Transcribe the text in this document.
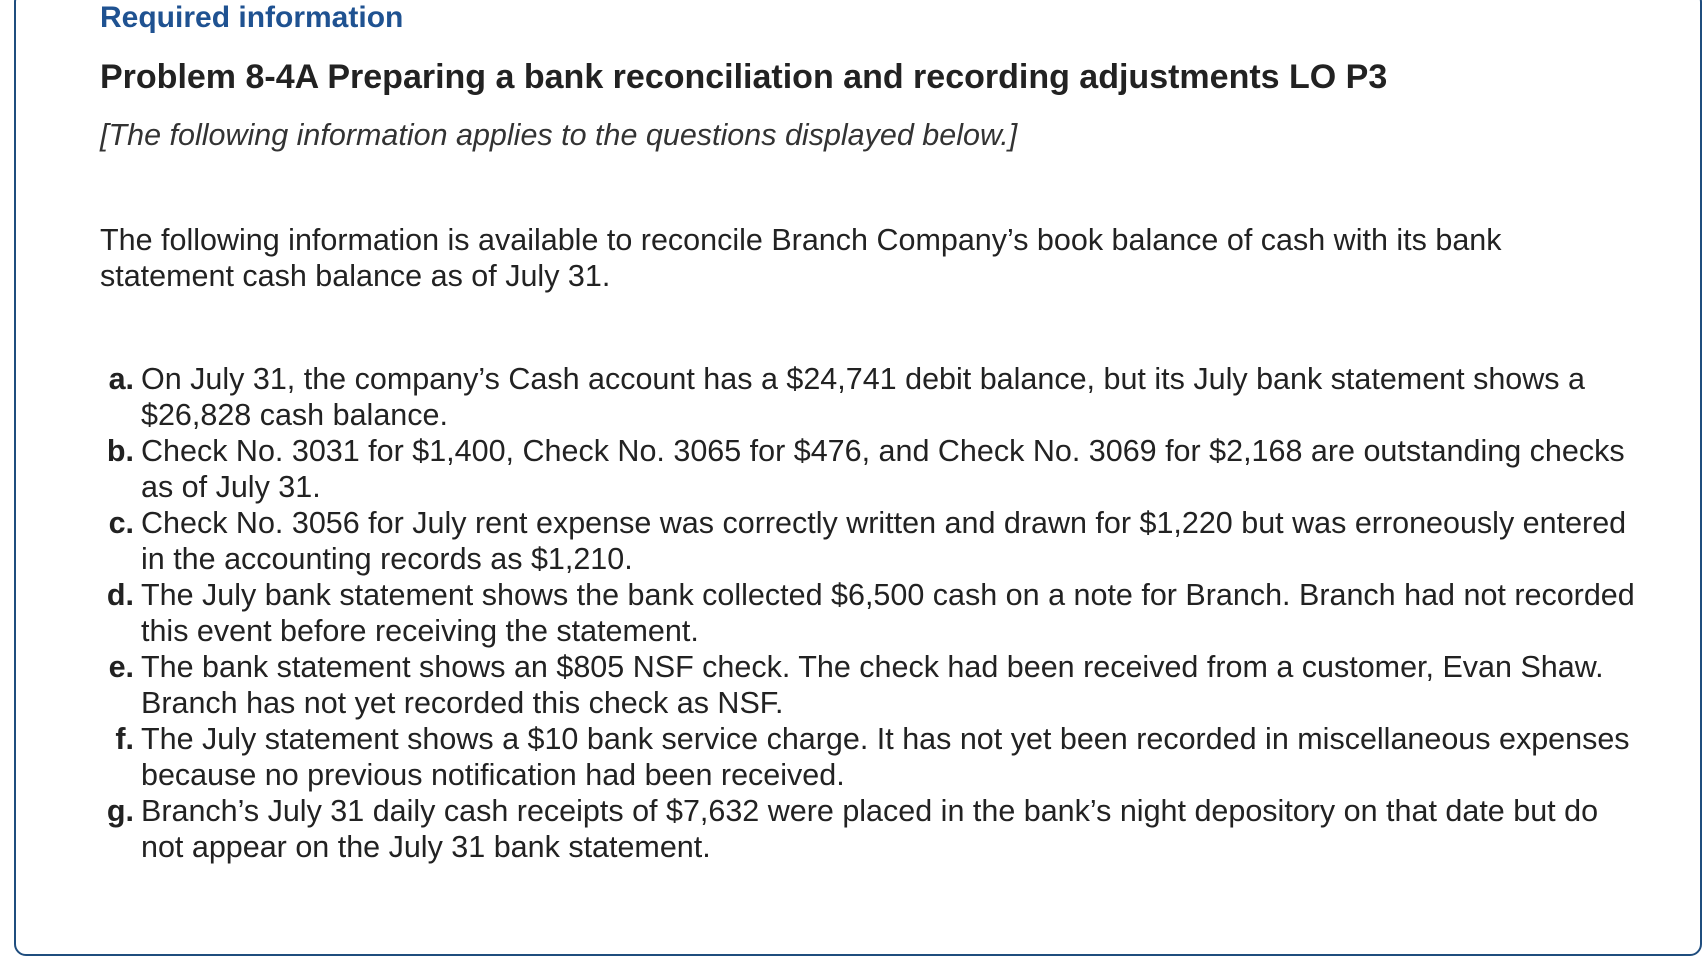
Required information
Problem 8-4A Preparing a bank reconciliation and recording adjustments LO P3

[The following information applies to the questions displayed below.]

The following information is available to reconcile Branch Company’s book balance of cash with its bank statement cash balance as of July 31.

a. On July 31, the company’s Cash account has a $24,741 debit balance, but its July bank statement shows a $26,828 cash balance.
b. Check No. 3031 for $1,400, Check No. 3065 for $476, and Check No. 3069 for $2,168 are outstanding checks as of July 31.
c. Check No. 3056 for July rent expense was correctly written and drawn for $1,220 but was erroneously entered in the accounting records as $1,210.
d. The July bank statement shows the bank collected $6,500 cash on a note for Branch. Branch had not recorded this event before receiving the statement.
e. The bank statement shows an $805 NSF check. The check had been received from a customer, Evan Shaw. Branch has not yet recorded this check as NSF.
f. The July statement shows a $10 bank service charge. It has not yet been recorded in miscellaneous expenses because no previous notification had been received.
g. Branch’s July 31 daily cash receipts of $7,632 were placed in the bank’s night depository on that date but do not appear on the July 31 bank statement.
